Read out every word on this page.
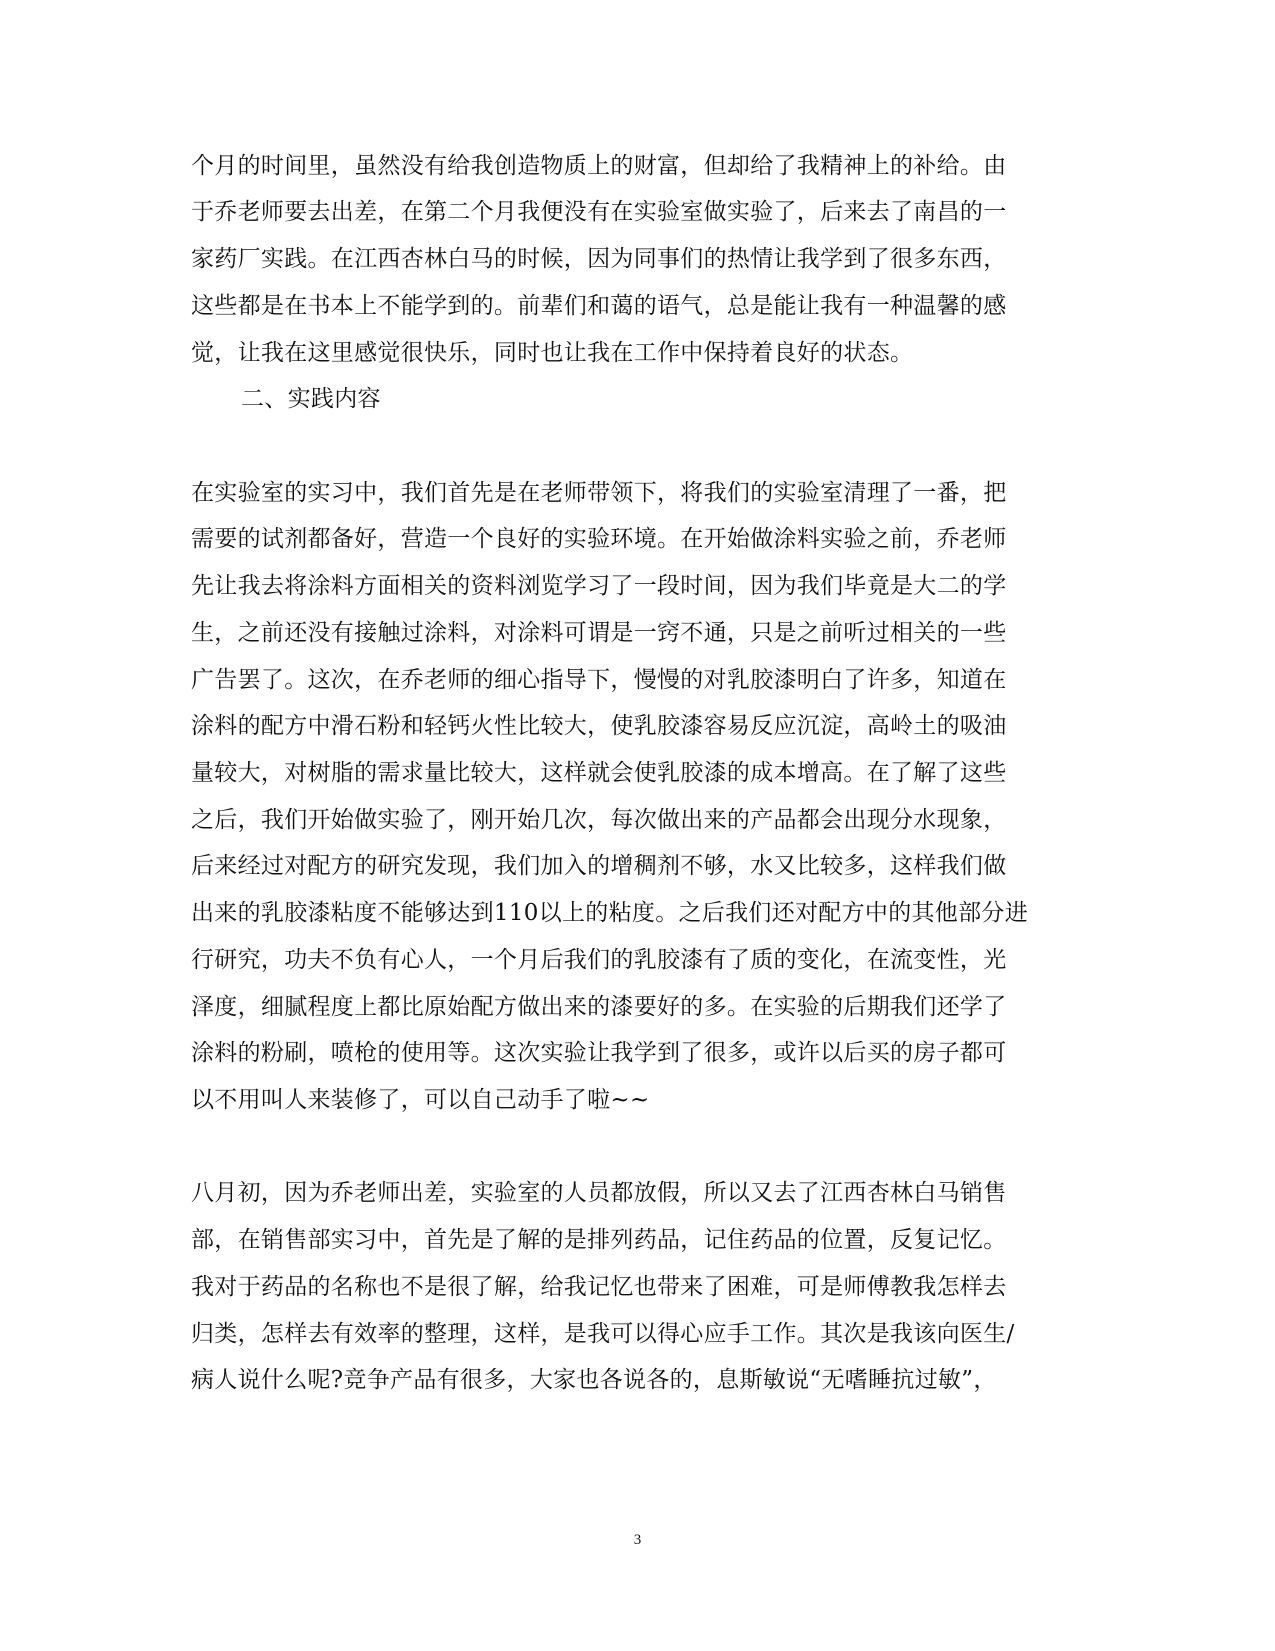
个月的时间里，虽然没有给我创造物质上的财富，但却给了我精神上的补给。由
于乔老师要去出差，在第二个月我便没有在实验室做实验了，后来去了南昌的一
家药厂实践。在江西杏林白马的时候，因为同事们的热情让我学到了很多东西，
这些都是在书本上不能学到的。前辈们和蔼的语气，总是能让我有一种温馨的感
觉，让我在这里感觉很快乐，同时也让我在工作中保持着良好的状态。
二、实践内容
在实验室的实习中，我们首先是在老师带领下，将我们的实验室清理了一番，把
需要的试剂都备好，营造一个良好的实验环境。在开始做涂料实验之前，乔老师
先让我去将涂料方面相关的资料浏览学习了一段时间，因为我们毕竟是大二的学
生，之前还没有接触过涂料，对涂料可谓是一窍不通，只是之前听过相关的一些
广告罢了。这次，在乔老师的细心指导下，慢慢的对乳胶漆明白了许多，知道在
涂料的配方中滑石粉和轻钙火性比较大，使乳胶漆容易反应沉淀，高岭土的吸油
量较大，对树脂的需求量比较大，这样就会使乳胶漆的成本增高。在了解了这些
之后，我们开始做实验了，刚开始几次，每次做出来的产品都会出现分水现象，
后来经过对配方的研究发现，我们加入的增稠剂不够，水又比较多，这样我们做
出来的乳胶漆粘度不能够达到110以上的粘度。之后我们还对配方中的其他部分进
行研究，功夫不负有心人，一个月后我们的乳胶漆有了质的变化，在流变性，光
泽度，细腻程度上都比原始配方做出来的漆要好的多。在实验的后期我们还学了
涂料的粉刷，喷枪的使用等。这次实验让我学到了很多，或许以后买的房子都可
以不用叫人来装修了，可以自己动手了啦~~
八月初，因为乔老师出差，实验室的人员都放假，所以又去了江西杏林白马销售
部，在销售部实习中，首先是了解的是排列药品，记住药品的位置，反复记忆。
我对于药品的名称也不是很了解，给我记忆也带来了困难，可是师傅教我怎样去
归类，怎样去有效率的整理，这样，是我可以得心应手工作。其次是我该向医生/
病人说什么呢?竞争产品有很多，大家也各说各的，息斯敏说“无嗜睡抗过敏”，
3
